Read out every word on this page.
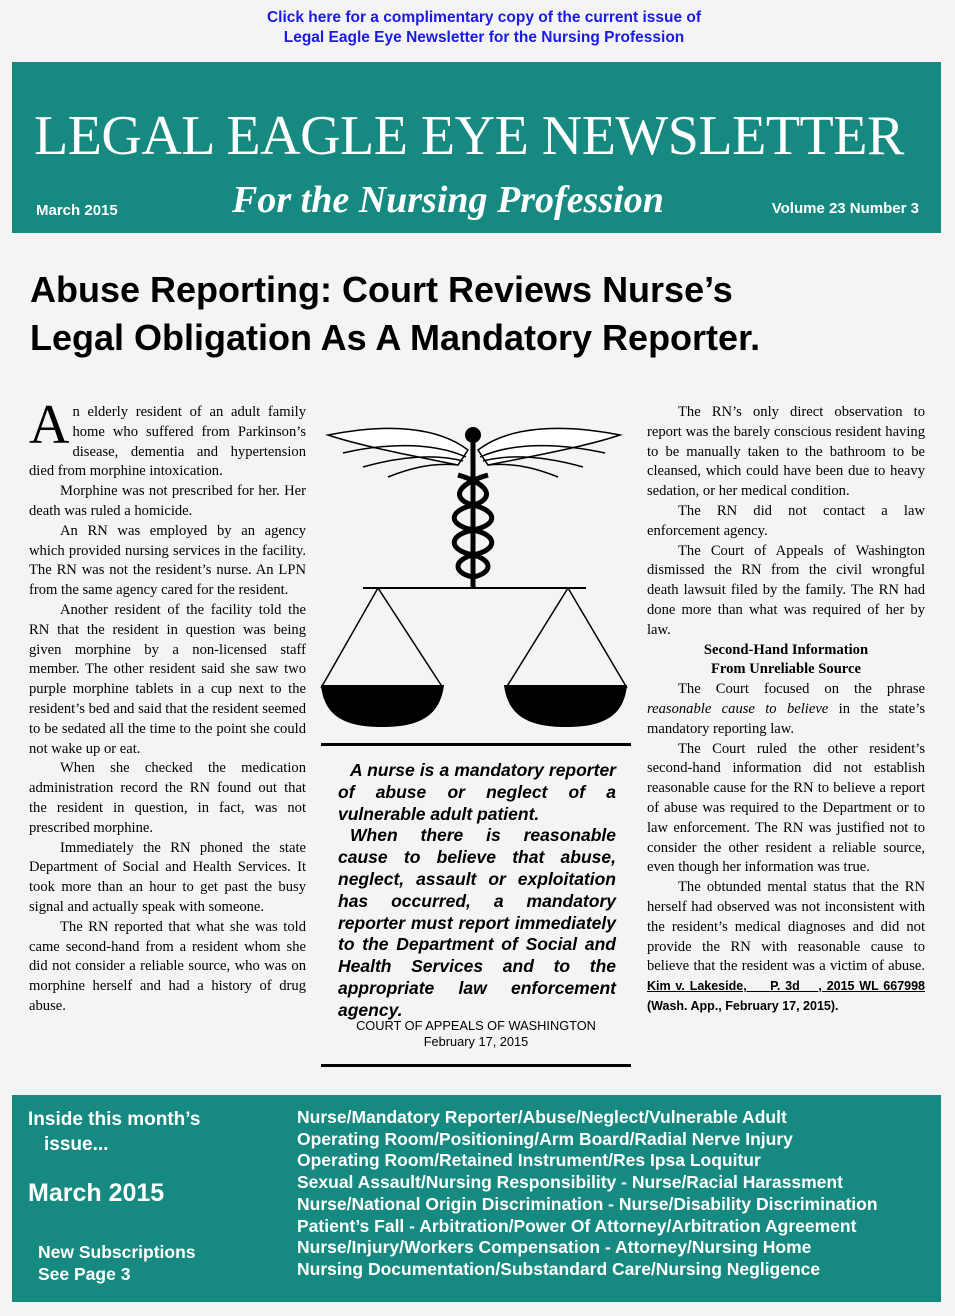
Click here for a complimentary copy of the current issue of
Legal Eagle Eye Newsletter for the Nursing Profession
LEGAL EAGLE EYE NEWSLETTER
For the Nursing Profession
March 2015	Volume 23 Number 3
Abuse Reporting: Court Reviews Nurse’s
Legal Obligation As A Mandatory Reporter.

An elderly resident of an adult family home who suffered from Parkinson’s disease, dementia and hypertension died from morphine intoxication.

Morphine was not prescribed for her. Her death was ruled a homicide.

An RN was employed by an agency which provided nursing services in the facility. The RN was not the resident’s nurse. An LPN from the same agency cared for the resident.

Another resident of the facility told the RN that the resident in question was being given morphine by a non-licensed staff member. The other resident said she saw two purple morphine tablets in a cup next to the resident’s bed and said that the resident seemed to be sedated all the time to the point she could not wake up or eat.

When she checked the medication administration record the RN found out that the resident in question, in fact, was not prescribed morphine.

Immediately the RN phoned the state Department of Social and Health Services. It took more than an hour to get past the busy signal and actually speak with someone.

The RN reported that what she was told came second-hand from a resident whom she did not consider a reliable source, who was on morphine herself and had a history of drug abuse.

A nurse is a mandatory reporter of abuse or neglect of a vulnerable adult patient.

When there is reasonable cause to believe that abuse, neglect, assault or exploitation has occurred, a mandatory reporter must report immediately to the Department of Social and Health Services and to the appropriate law enforcement agency.

COURT OF APPEALS OF WASHINGTON
February 17, 2015

The RN’s only direct observation to report was the barely conscious resident having to be manually taken to the bathroom to be cleansed, which could have been due to heavy sedation, or her medical condition.

The RN did not contact a law enforcement agency.

The Court of Appeals of Washington dismissed the RN from the civil wrongful death lawsuit filed by the family. The RN had done more than what was required of her by law.

Second-Hand Information
From Unreliable Source

The Court focused on the phrase reasonable cause to believe in the state’s mandatory reporting law.

The Court ruled the other resident’s second-hand information did not establish reasonable cause for the RN to believe a report of abuse was required to the Department or to law enforcement. The RN was justified not to consider the other resident a reliable source, even though her information was true.

The obtunded mental status that the RN herself had observed was not inconsistent with the resident’s medical diagnoses and did not provide the RN with reasonable cause to believe that the resident was a victim of abuse. Kim v. Lakeside, __ P. 3d __, 2015 WL 667998 (Wash. App., February 17, 2015).

Inside this month’s
issue...
March 2015
New Subscriptions
See Page 3
Nurse/Mandatory Reporter/Abuse/Neglect/Vulnerable Adult
Operating Room/Positioning/Arm Board/Radial Nerve Injury
Operating Room/Retained Instrument/Res Ipsa Loquitur
Sexual Assault/Nursing Responsibility - Nurse/Racial Harassment
Nurse/National Origin Discrimination - Nurse/Disability Discrimination
Patient’s Fall - Arbitration/Power Of Attorney/Arbitration Agreement
Nurse/Injury/Workers Compensation - Attorney/Nursing Home
Nursing Documentation/Substandard Care/Nursing Negligence
